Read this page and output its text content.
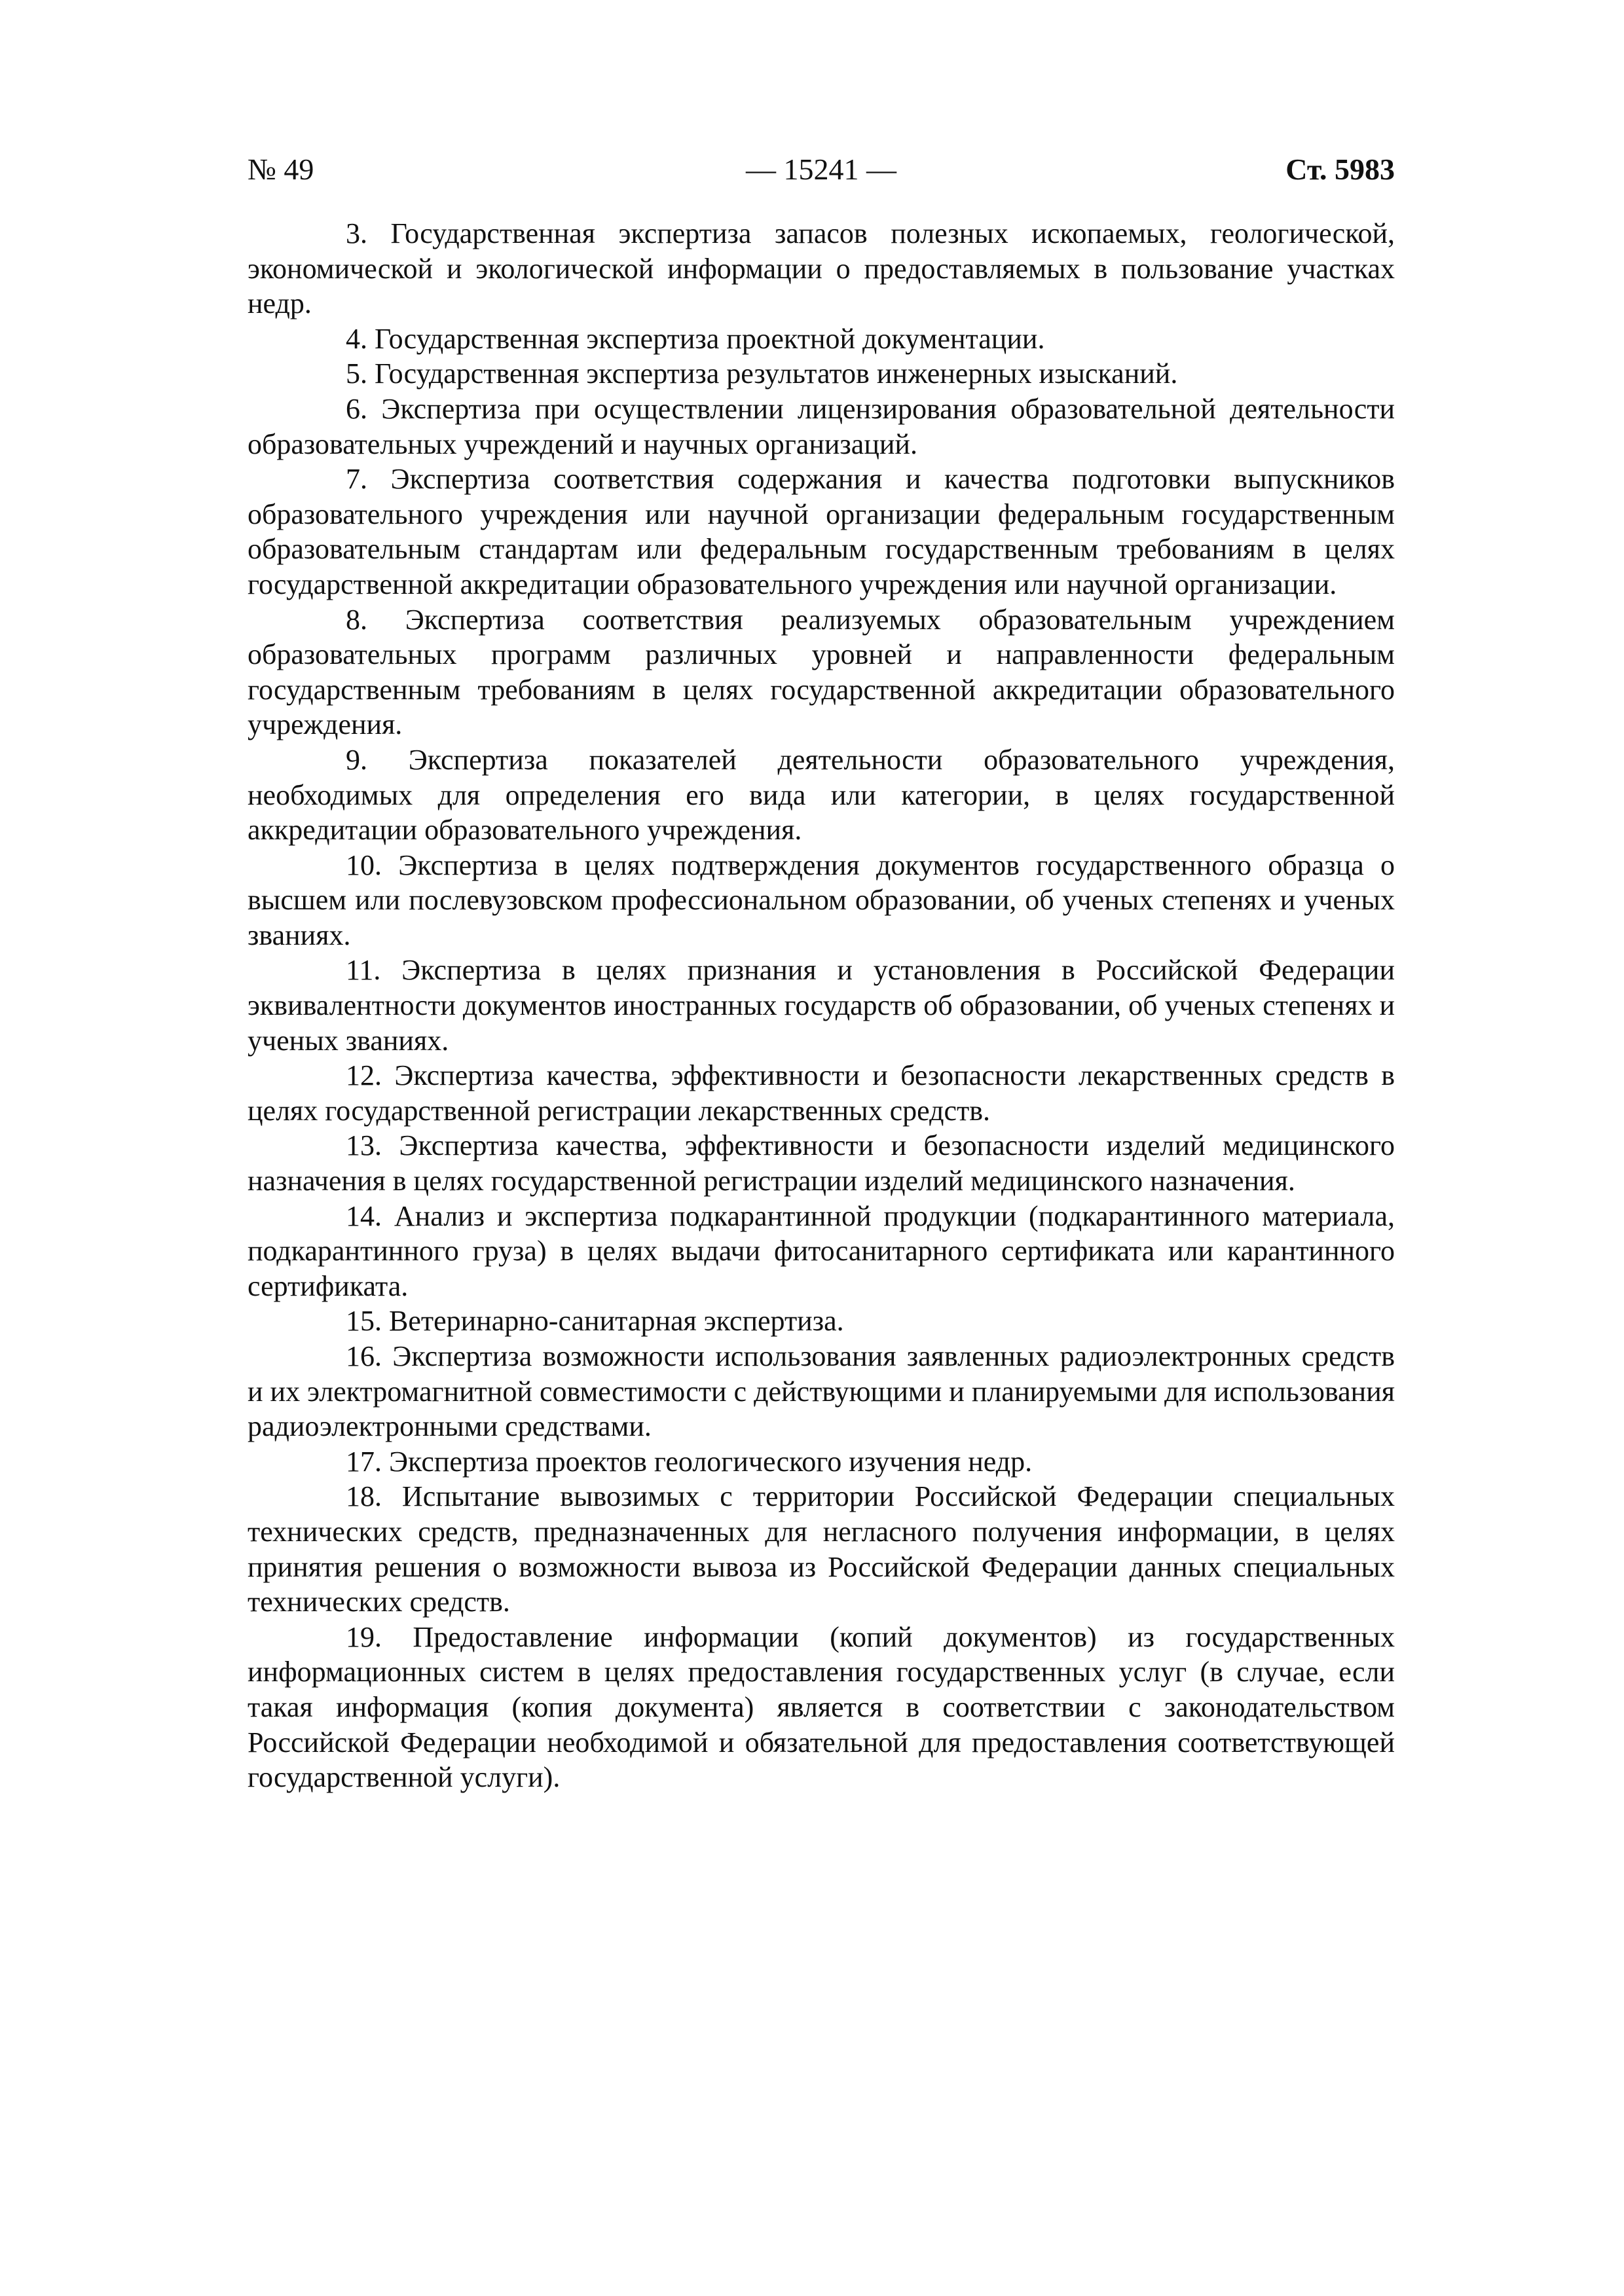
№ 49	— 15241 —	Ст. 5983

3. Государственная экспертиза запасов полезных ископаемых, геологической, экономической и экологической информации о предоставляемых в пользование участках недр.

4. Государственная экспертиза проектной документации.

5. Государственная экспертиза результатов инженерных изысканий.

6. Экспертиза при осуществлении лицензирования образовательной деятельности образовательных учреждений и научных организаций.

7. Экспертиза соответствия содержания и качества подготовки выпускников образовательного учреждения или научной организации федеральным государственным образовательным стандартам или федеральным государственным требованиям в целях государственной аккредитации образовательного учреждения или научной организации.

8. Экспертиза соответствия реализуемых образовательным учреждением образовательных программ различных уровней и направленности федеральным государственным требованиям в целях государственной аккредитации образовательного учреждения.

9. Экспертиза показателей деятельности образовательного учреждения, необходимых для определения его вида или категории, в целях государственной аккредитации образовательного учреждения.

10. Экспертиза в целях подтверждения документов государственного образца о высшем или послевузовском профессиональном образовании, об ученых степенях и ученых званиях.

11. Экспертиза в целях признания и установления в Российской Федерации эквивалентности документов иностранных государств об образовании, об ученых степенях и ученых званиях.

12. Экспертиза качества, эффективности и безопасности лекарственных средств в целях государственной регистрации лекарственных средств.

13. Экспертиза качества, эффективности и безопасности изделий медицинского назначения в целях государственной регистрации изделий медицинского назначения.

14. Анализ и экспертиза подкарантинной продукции (подкарантинного материала, подкарантинного груза) в целях выдачи фитосанитарного сертификата или карантинного сертификата.

15. Ветеринарно-санитарная экспертиза.

16. Экспертиза возможности использования заявленных радиоэлектронных средств и их электромагнитной совместимости с действующими и планируемыми для использования радиоэлектронными средствами.

17. Экспертиза проектов геологического изучения недр.

18. Испытание вывозимых с территории Российской Федерации специальных технических средств, предназначенных для негласного получения информации, в целях принятия решения о возможности вывоза из Российской Федерации данных специальных технических средств.

19. Предоставление информации (копий документов) из государственных информационных систем в целях предоставления государственных услуг (в случае, если такая информация (копия документа) является в соответствии с законодательством Российской Федерации необходимой и обязательной для предоставления соответствующей государственной услуги).
